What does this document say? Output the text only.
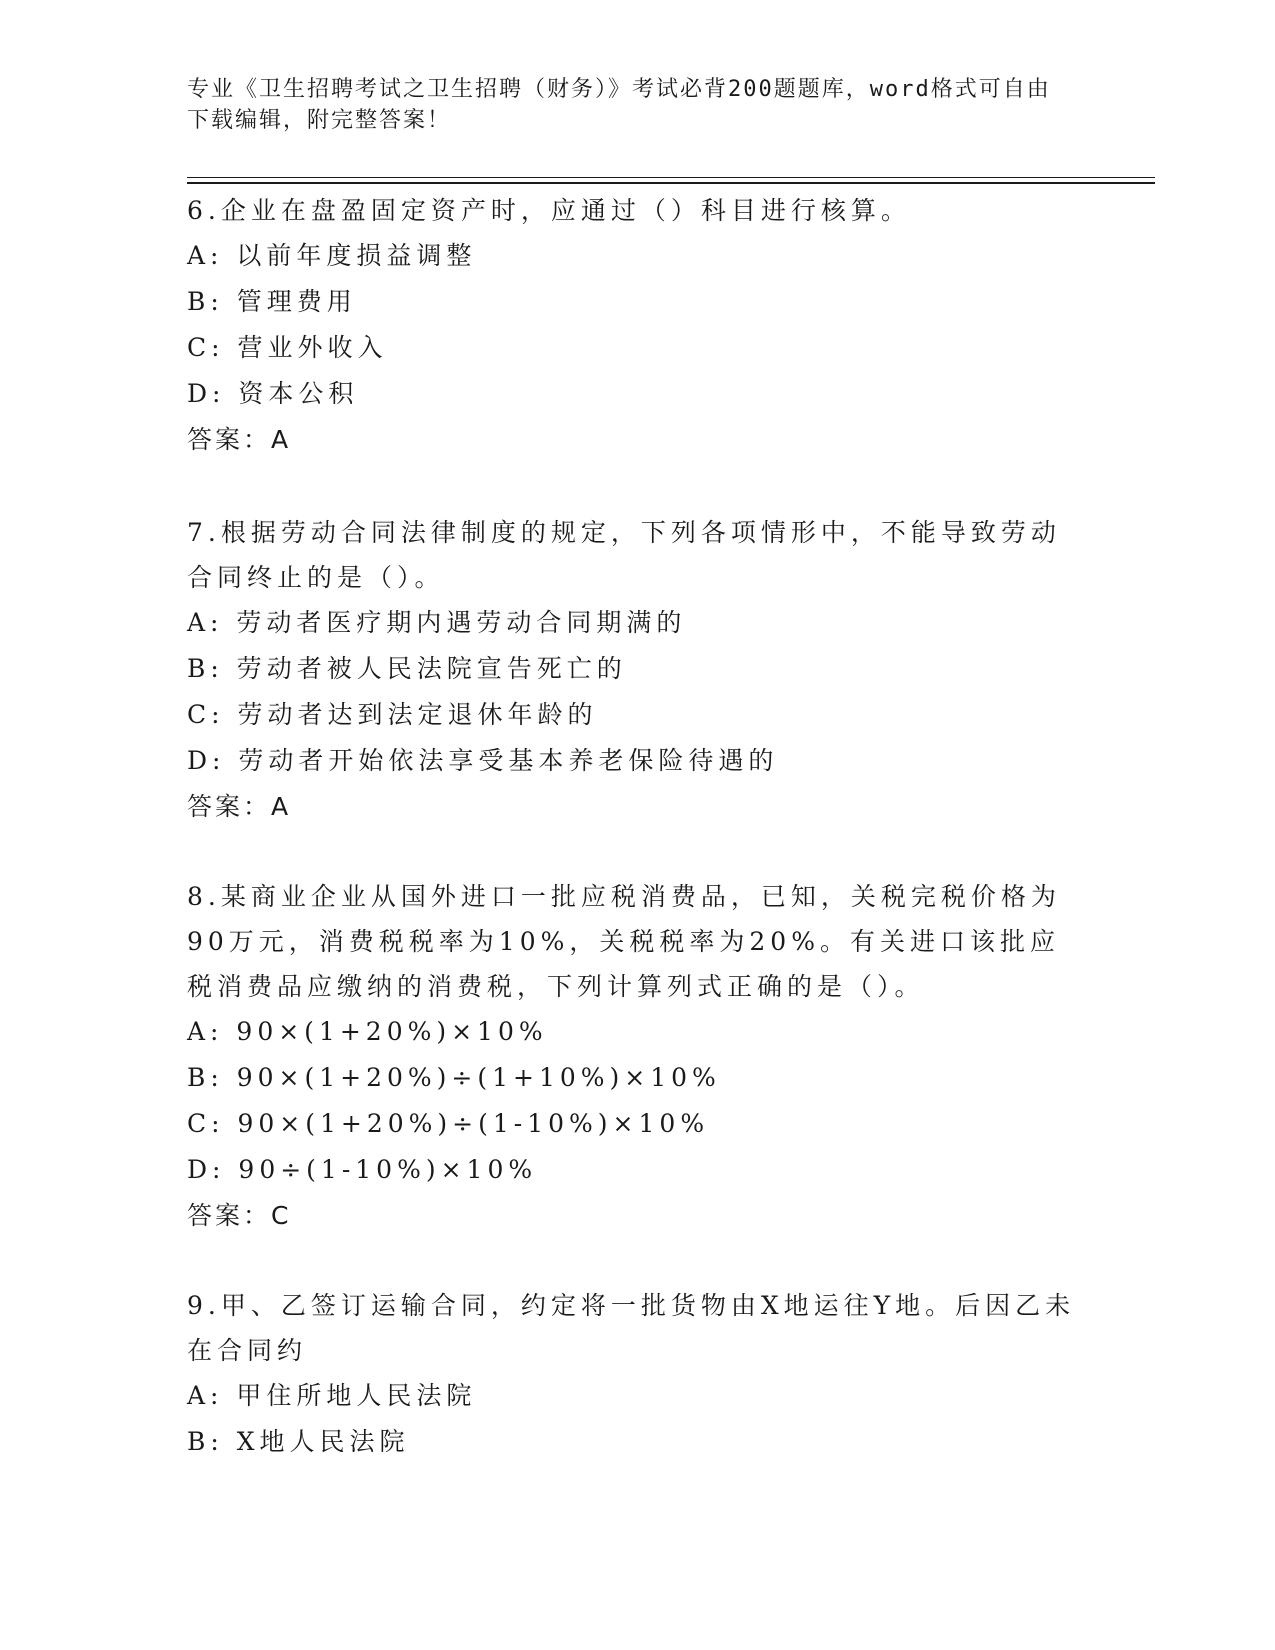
专业《卫生招聘考试之卫生招聘（财务）》考试必背200题题库，word格式可自由下载编辑，附完整答案！

6.企业在盘盈固定资产时，应通过（）科目进行核算。

A: 以前年度损益调整

B: 管理费用

C: 营业外收入

D: 资本公积

答案：A

7.根据劳动合同法律制度的规定，下列各项情形中，不能导致劳动合同终止的是（）。

A: 劳动者医疗期内遇劳动合同期满的

B: 劳动者被人民法院宣告死亡的

C: 劳动者达到法定退休年龄的

D: 劳动者开始依法享受基本养老保险待遇的

答案：A

8.某商业企业从国外进口一批应税消费品，已知，关税完税价格为90万元，消费税税率为10%，关税税率为20%。有关进口该批应税消费品应缴纳的消费税，下列计算列式正确的是（）。

A: 90×(1+20%)×10%

B: 90×(1+20%)÷(1+10%)×10%

C: 90×(1+20%)÷(1-10%)×10%

D: 90÷(1-10%)×10%

答案：C

9.甲、乙签订运输合同，约定将一批货物由X地运往Y地。后因乙未在合同约

A: 甲住所地人民法院

B: X地人民法院
